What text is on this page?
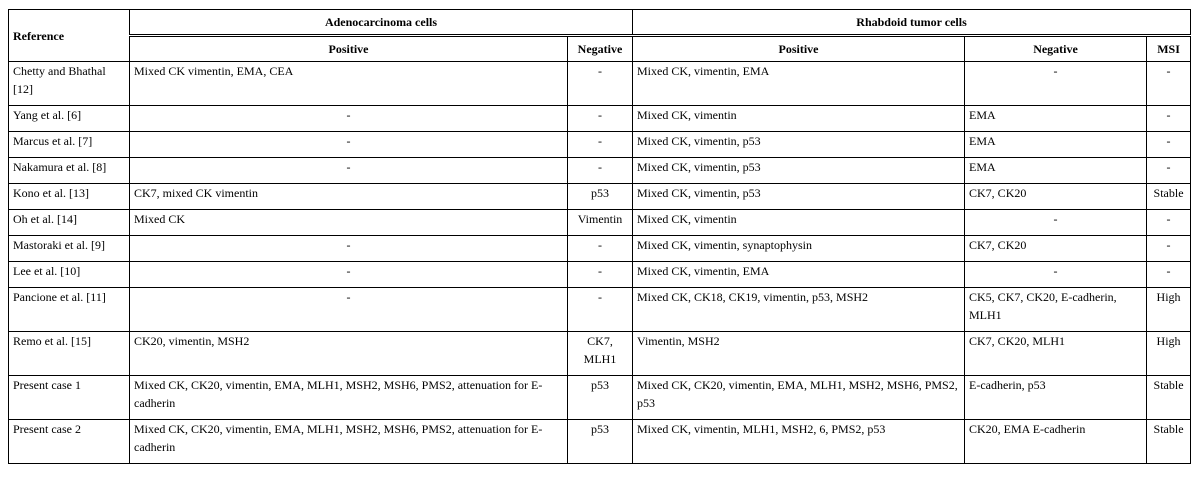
Reference	Adenocarcinoma cells		Rhabdoid tumor cells		
	Positive	Negative	Positive	Negative	MSI
Chetty and Bhathal [12]	Mixed CK vimentin, EMA, CEA	-	Mixed CK, vimentin, EMA	-	-
Yang et al. [6]	-	-	Mixed CK, vimentin	EMA	-
Marcus et al. [7]	-	-	Mixed CK, vimentin, p53	EMA	-
Nakamura et al. [8]	-	-	Mixed CK, vimentin, p53	EMA	-
Kono et al. [13]	CK7, mixed CK vimentin	p53	Mixed CK, vimentin, p53	CK7, CK20	Stable
Oh et al. [14]	Mixed CK	Vimentin	Mixed CK, vimentin	-	-
Mastoraki et al. [9]	-	-	Mixed CK, vimentin, synaptophysin	CK7, CK20	-
Lee et al. [10]	-	-	Mixed CK, vimentin, EMA	-	-
Pancione et al. [11]	-	-	Mixed CK, CK18, CK19, vimentin, p53, MSH2	CK5, CK7, CK20, E-cadherin, MLH1	High
Remo et al. [15]	CK20, vimentin, MSH2	CK7, MLH1	Vimentin, MSH2	CK7, CK20, MLH1	High
Present case 1	Mixed CK, CK20, vimentin, EMA, MLH1, MSH2, MSH6, PMS2, attenuation for E-cadherin	p53	Mixed CK, CK20, vimentin, EMA, MLH1, MSH2, MSH6, PMS2, p53	E-cadherin, p53	Stable
Present case 2	Mixed CK, CK20, vimentin, EMA, MLH1, MSH2, MSH6, PMS2, attenuation for E-cadherin	p53	Mixed CK, vimentin, MLH1, MSH2, 6, PMS2, p53	CK20, EMA E-cadherin	Stable
